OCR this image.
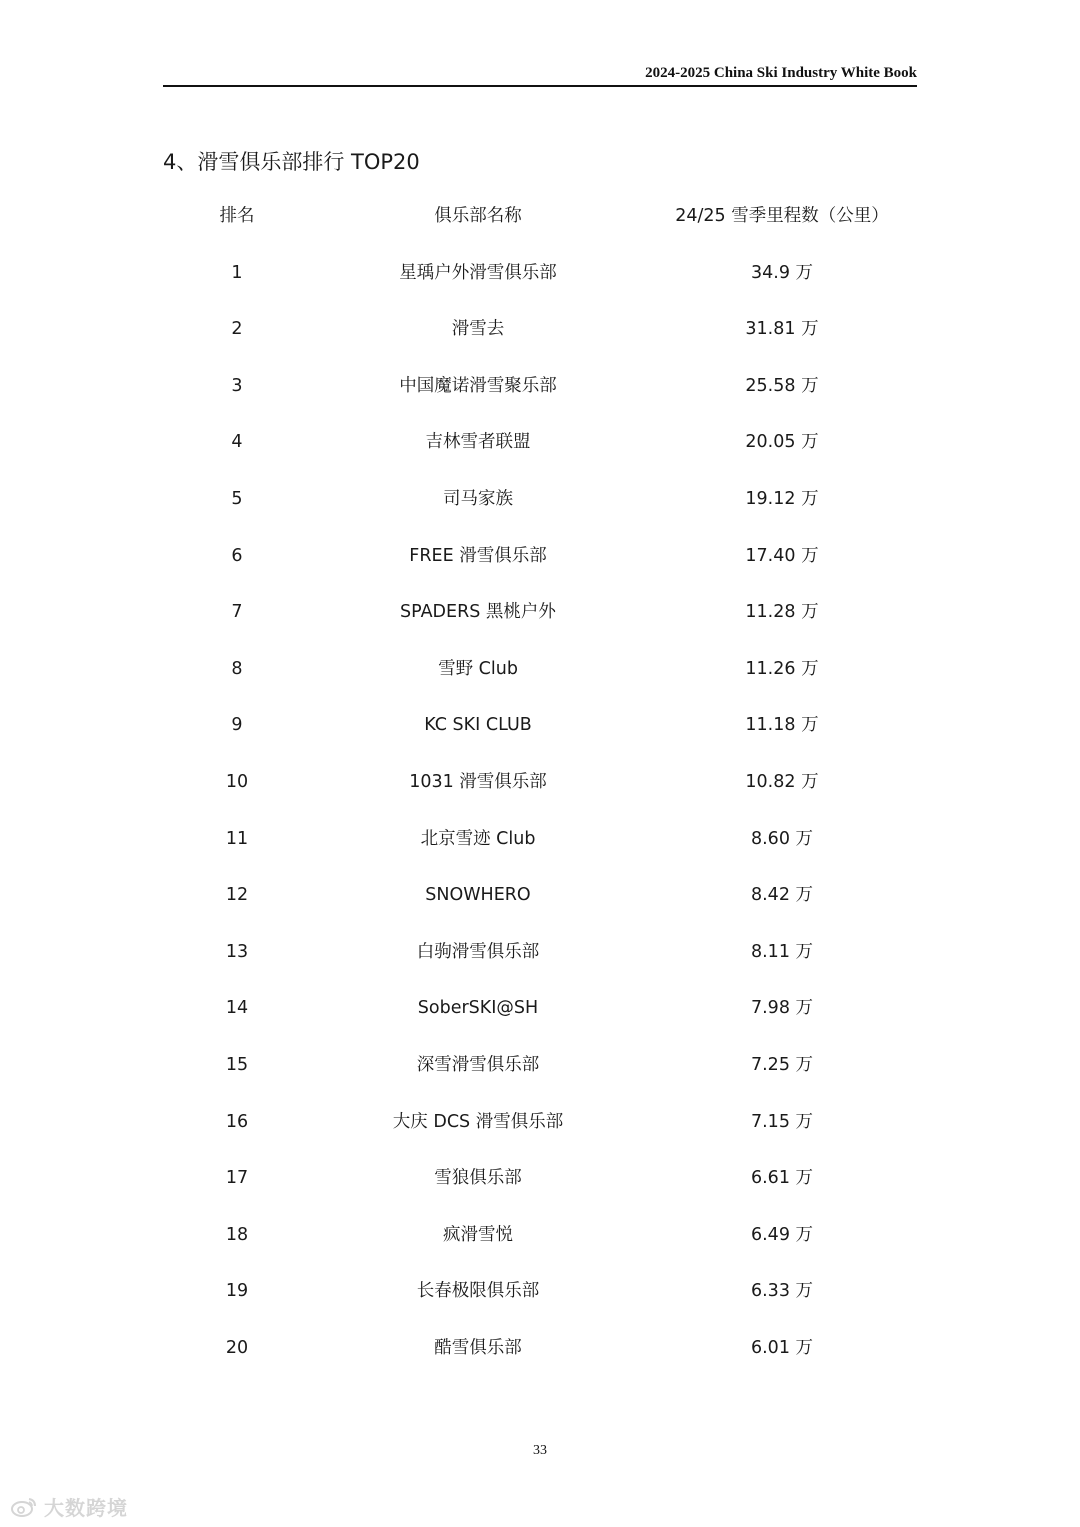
2024-2025 China Ski Industry White Book
4、滑雪俱乐部排行 TOP20
排名	俱乐部名称	24/25 雪季里程数（公里）
1	星瑀户外滑雪俱乐部	34.9 万
2	滑雪去	31.81 万
3	中国魔诺滑雪聚乐部	25.58 万
4	吉林雪者联盟	20.05 万
5	司马家族	19.12 万
6	FREE 滑雪俱乐部	17.40 万
7	SPADERS 黑桃户外	11.28 万
8	雪野 Club	11.26 万
9	KC SKI CLUB	11.18 万
10	1031 滑雪俱乐部	10.82 万
11	北京雪迹 Club	8.60 万
12	SNOWHERO	8.42 万
13	白驹滑雪俱乐部	8.11 万
14	SoberSKI@SH	7.98 万
15	深雪滑雪俱乐部	7.25 万
16	大庆 DCS 滑雪俱乐部	7.15 万
17	雪狼俱乐部	6.61 万
18	疯滑雪悦	6.49 万
19	长春极限俱乐部	6.33 万
20	酷雪俱乐部	6.01 万
33
大数跨境
